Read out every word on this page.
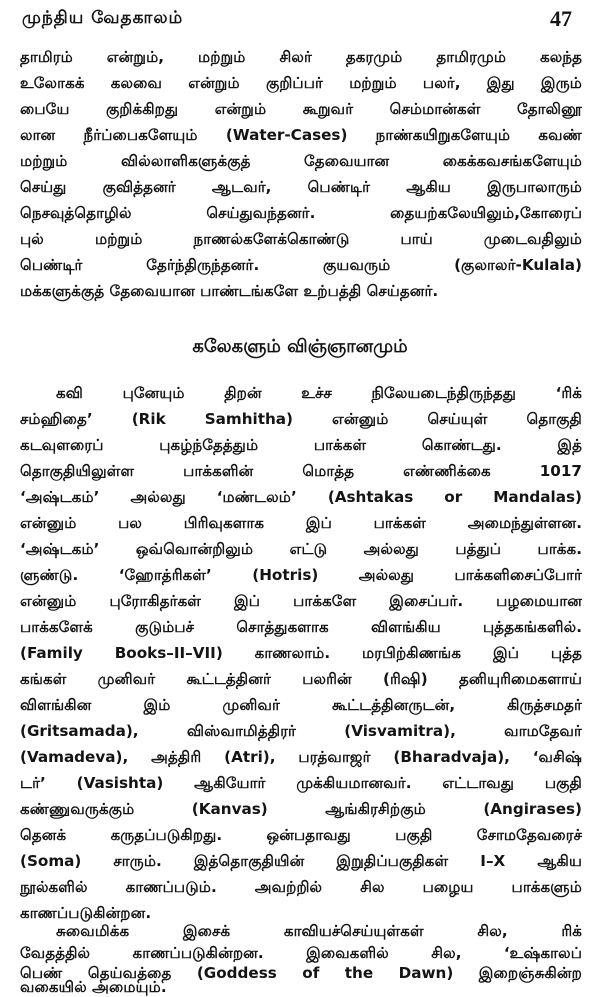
முந்திய வேதகாலம்	47
தாமிரம் என்றும், மற்றும் சிலர் தகரமும் தாமிரமும் கலந்த
உலோகக் கலவை என்றும் குறிப்பர் மற்றும் பலர், இது இரும்
பையே குறிக்கிறது என்றும் கூறுவர் செம்மான்கள் தோலினூ
லான நீர்ப்பைகளேயும் (Water-Cases) நாண்கயிறுகளேயும் கவண்
மற்றும் வில்லாளிகளுக்குத் தேவையான கைக்கவசங்களேயும்
செய்து குவித்தனர் ஆடவர், பெண்டிர் ஆகிய இருபாலாரும்
நெசவுத்தொழில் செய்துவந்தனர். தையற்கலேயிலும்,கோரைப்
புல் மற்றும் நாணல்களேக்கொண்டு பாய் முடைவதிலும்
பெண்டிர் தேர்ந்திருந்தனர். குயவரும் (குலாலர்-Kulala)
மக்களுக்குத் தேவையான பாண்டங்களே உற்பத்தி செய்தனர்.
கலேகளும் விஞ்ஞானமும்
கவி புனேயும் திறன் உச்ச நிலேயடைந்திருந்தது ‘ரிக்
சம்ஹிதை’ (Rik Samhitha) என்னும் செய்யுள் தொகுதி
கடவுளரைப் புகழ்ந்தேத்தும் பாக்கள் கொண்டது. இத்
தொகுதியிலுள்ள பாக்களின் மொத்த எண்ணிக்கை 1017
‘அஷ்டகம்’ அல்லது ‘மண்டலம்’ (Ashtakas or Mandalas)
என்னும் பல பிரிவுகளாக இப் பாக்கள் அமைந்துள்ளன.
‘அஷ்டகம்’ ஒவ்வொன்றிலும் எட்டு அல்லது பத்துப் பாக்க.
ளுண்டு. ‘ஹோத்ரிகள்’ (Hotris) அல்லது பாக்களிசைப்போர்
என்னும் புரோகிதர்கள் இப் பாக்களே இசைப்பர். பழமையான
பாக்களேக் குடும்பச் சொத்துகளாக விளங்கிய புத்தகங்களில்.
(Family Books–II–VII) காணலாம். மரபிற்கிணங்க இப் புத்த
கங்கள் முனிவர் கூட்டத்தினர் பலரின் (ரிஷி) தனியுரிமைகளாய்
விளங்கின இம் முனிவர் கூட்டத்தினருடன், கிருத்சமதர்
(Gritsamada), விஸ்வாமித்திரர் (Visvamitra), வாமதேவர்
(Vamadeva), அத்திரி (Atri), பரத்வாஜர் (Bharadvaja), ‘வசிஷ்
டர்’ (Vasishta) ஆகியோர் முக்கியமானவர். எட்டாவது பகுதி
கண்ணுவருக்கும் (Kanvas) ஆங்கிரசிற்கும் (Angirases)
தெனக் கருதப்படுகிறது. ஒன்பதாவது பகுதி சோமதேவரைச்
(Soma) சாரும். இத்தொகுதியின் இறுதிப்பகுதிகள் I–X ஆகிய
நூல்களில் காணப்படும். அவற்றில் சில பழைய பாக்களும்
காணப்படுகின்றன.
சுவைமிக்க இசைக் காவியச்செய்யுள்கள் சில, ரிக்
வேதத்தில் காணப்படுகின்றன. இவைகளில் சில, ‘உஷ்காலப்
பெண் தெய்வத்தை (Goddess of the Dawn) இறைஞ்சுகின்ற
வகையில் அமையும்.
